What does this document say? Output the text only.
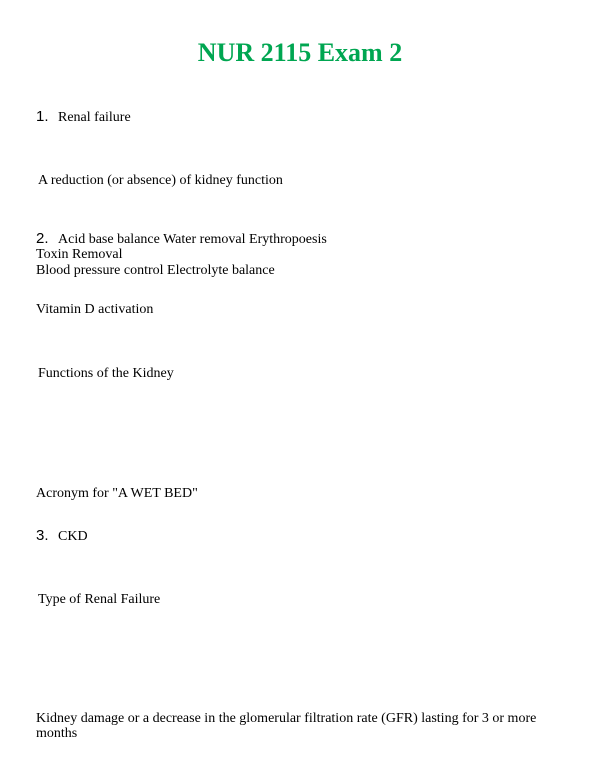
NUR 2115 Exam 2
1. Renal failure
A reduction (or absence) of kidney function
2. Acid base balance Water removal Erythropoesis
Toxin Removal
Blood pressure control Electrolyte balance
Vitamin D activation
Functions of the Kidney
Acronym for "A WET BED"
3. CKD
Type of Renal Failure
Kidney damage or a decrease in the glomerular filtration rate (GFR) lasting for 3 or more
months
